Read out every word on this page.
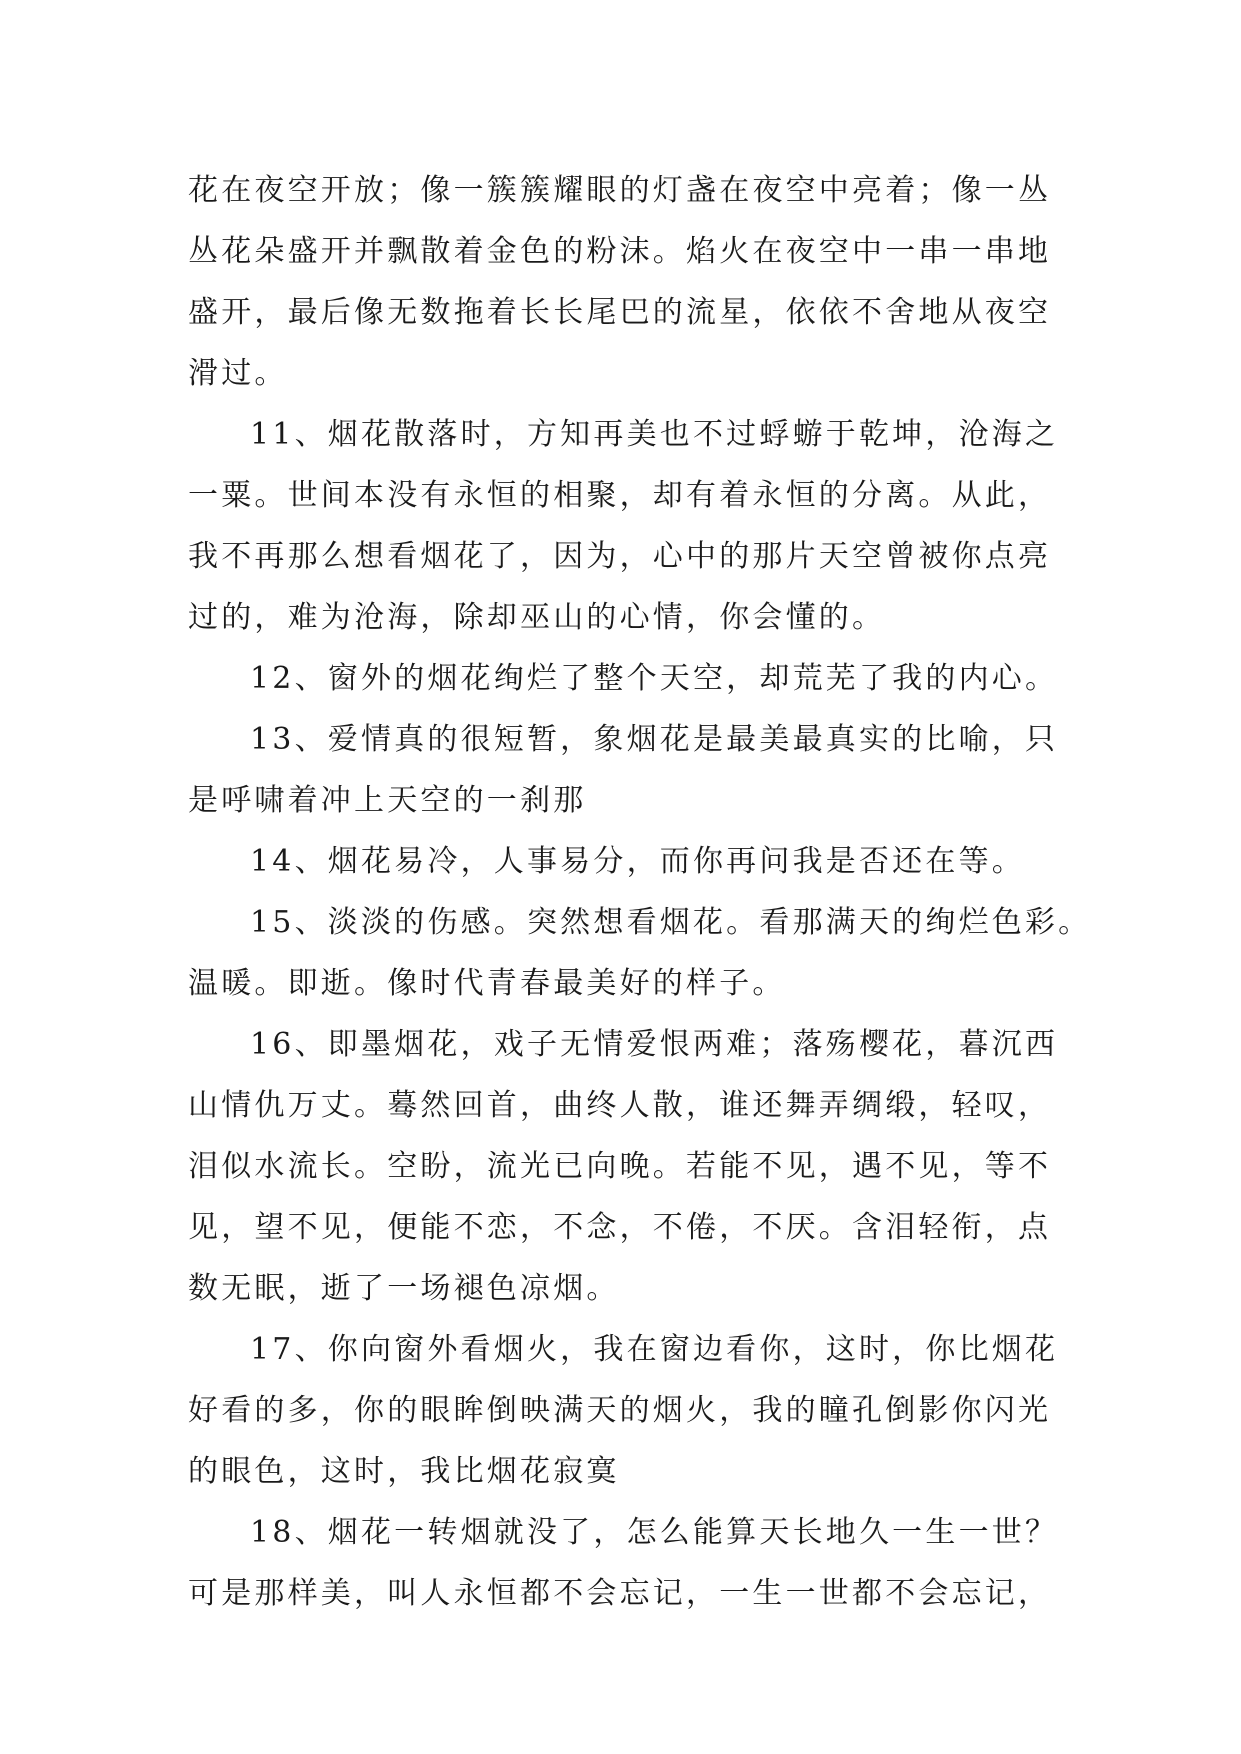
花在夜空开放；像一簇簇耀眼的灯盏在夜空中亮着；像一丛
丛花朵盛开并飘散着金色的粉沫。焰火在夜空中一串一串地
盛开，最后像无数拖着长长尾巴的流星，依依不舍地从夜空
滑过。
11、烟花散落时，方知再美也不过蜉蝣于乾坤，沧海之
一粟。世间本没有永恒的相聚，却有着永恒的分离。从此，
我不再那么想看烟花了，因为，心中的那片天空曾被你点亮
过的，难为沧海，除却巫山的心情，你会懂的。
12、窗外的烟花绚烂了整个天空，却荒芜了我的内心。
13、爱情真的很短暂，象烟花是最美最真实的比喻，只
是呼啸着冲上天空的一刹那
14、烟花易冷，人事易分，而你再问我是否还在等。
15、淡淡的伤感。突然想看烟花。看那满天的绚烂色彩。
温暖。即逝。像时代青春最美好的样子。
16、即墨烟花，戏子无情爱恨两难；落殇樱花，暮沉西
山情仇万丈。蓦然回首，曲终人散，谁还舞弄绸缎，轻叹，
泪似水流长。空盼，流光已向晚。若能不见，遇不见，等不
见，望不见，便能不恋，不念，不倦，不厌。含泪轻衔，点
数无眠，逝了一场褪色凉烟。
17、你向窗外看烟火，我在窗边看你，这时，你比烟花
好看的多，你的眼眸倒映满天的烟火，我的瞳孔倒影你闪光
的眼色，这时，我比烟花寂寞
18、烟花一转烟就没了，怎么能算天长地久一生一世？
可是那样美，叫人永恒都不会忘记，一生一世都不会忘记，
